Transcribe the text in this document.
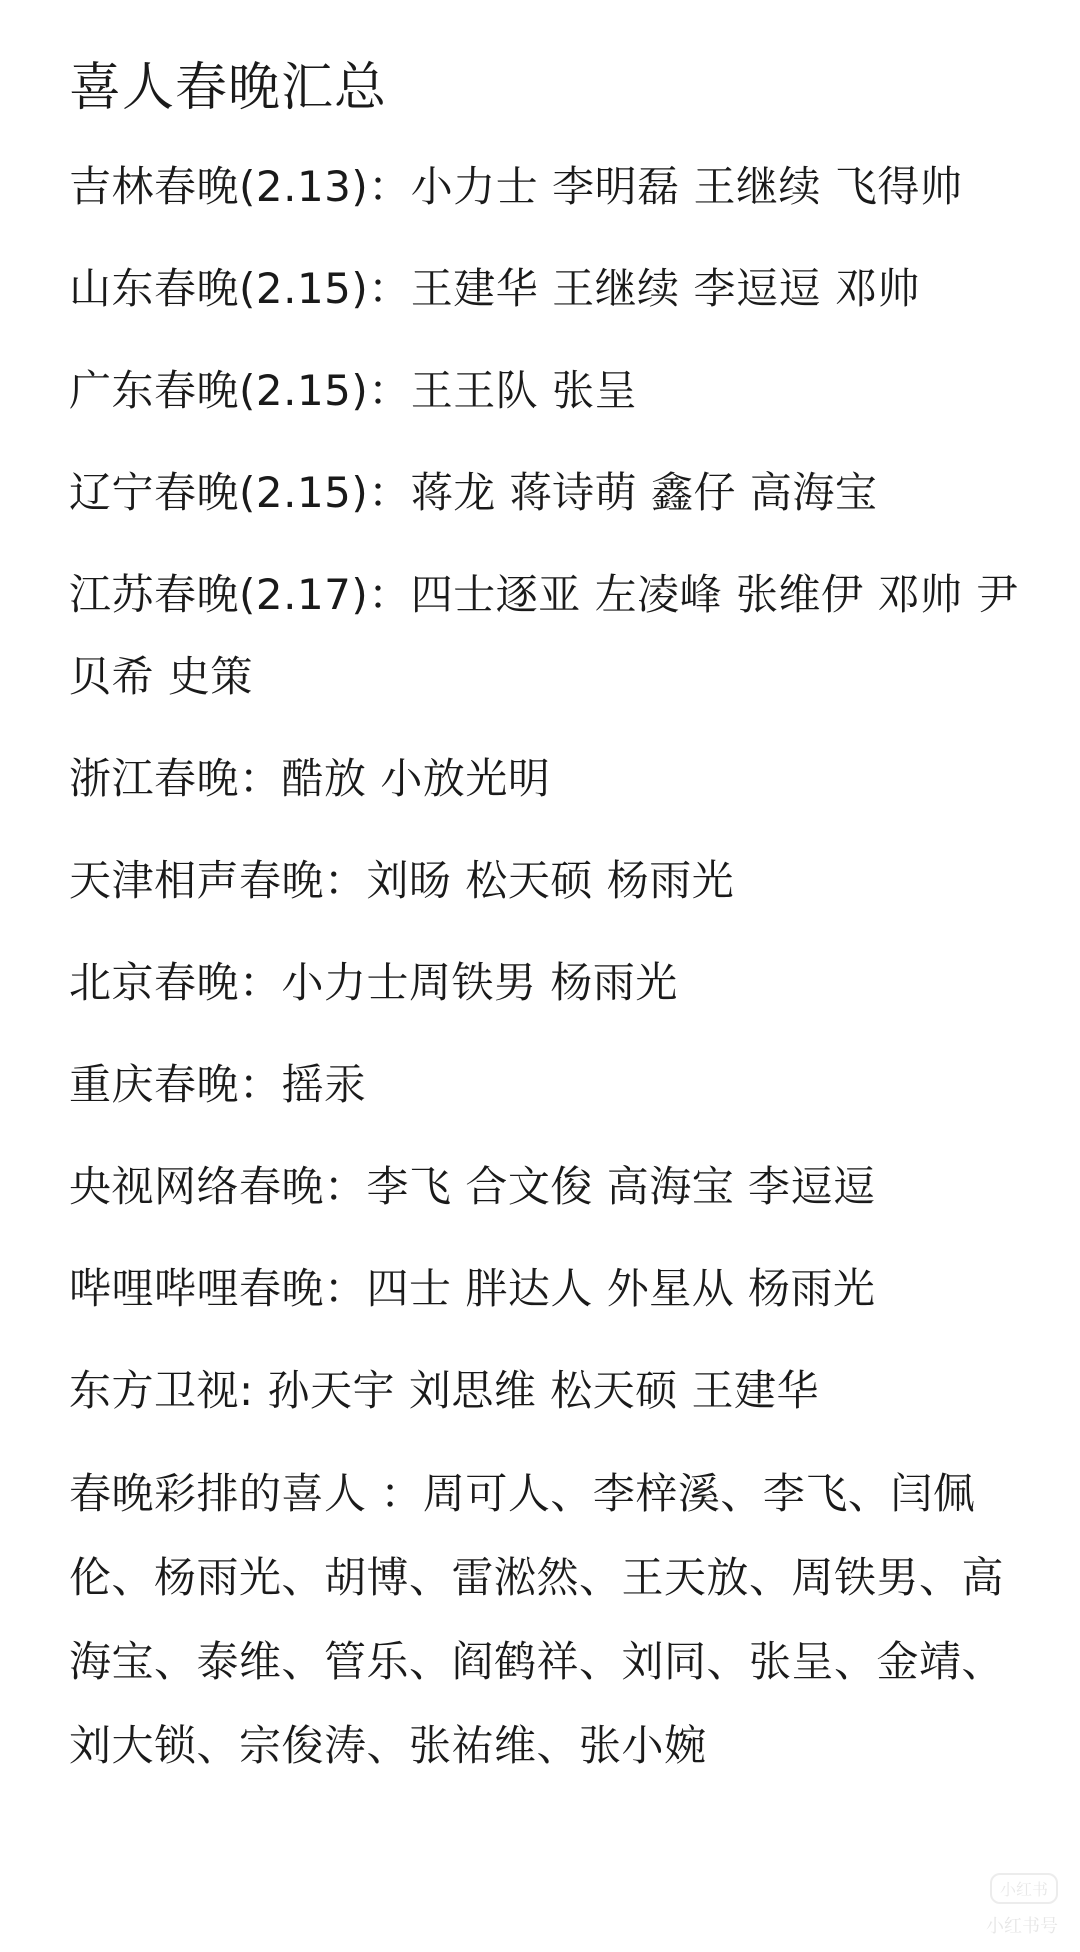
喜人春晚汇总
吉林春晚(2.13)：小力士 李明磊 王继续 飞得帅
山东春晚(2.15)：王建华 王继续 李逗逗 邓帅
广东春晚(2.15)：王王队 张呈
辽宁春晚(2.15)：蒋龙 蒋诗萌 鑫仔 高海宝
江苏春晚(2.17)：四士逐亚 左凌峰 张维伊 邓帅 尹贝希 史策
浙江春晚：酷放 小放光明
天津相声春晚：刘旸 松天硕 杨雨光
北京春晚：小力士周铁男 杨雨光
重庆春晚：摇汞
央视网络春晚：李飞 合文俊 高海宝 李逗逗
哔哩哔哩春晚：四士 胖达人 外星从 杨雨光
东方卫视: 孙天宇 刘思维 松天硕 王建华
春晚彩排的喜人 ：周可人、李梓溪、李飞、闫佩伦、杨雨光、胡博、雷淞然、王天放、周铁男、高海宝、泰维、管乐、阎鹤祥、刘同、张呈、金靖、刘大锁、宗俊涛、张祐维、张小婉
小红书
小红书号
